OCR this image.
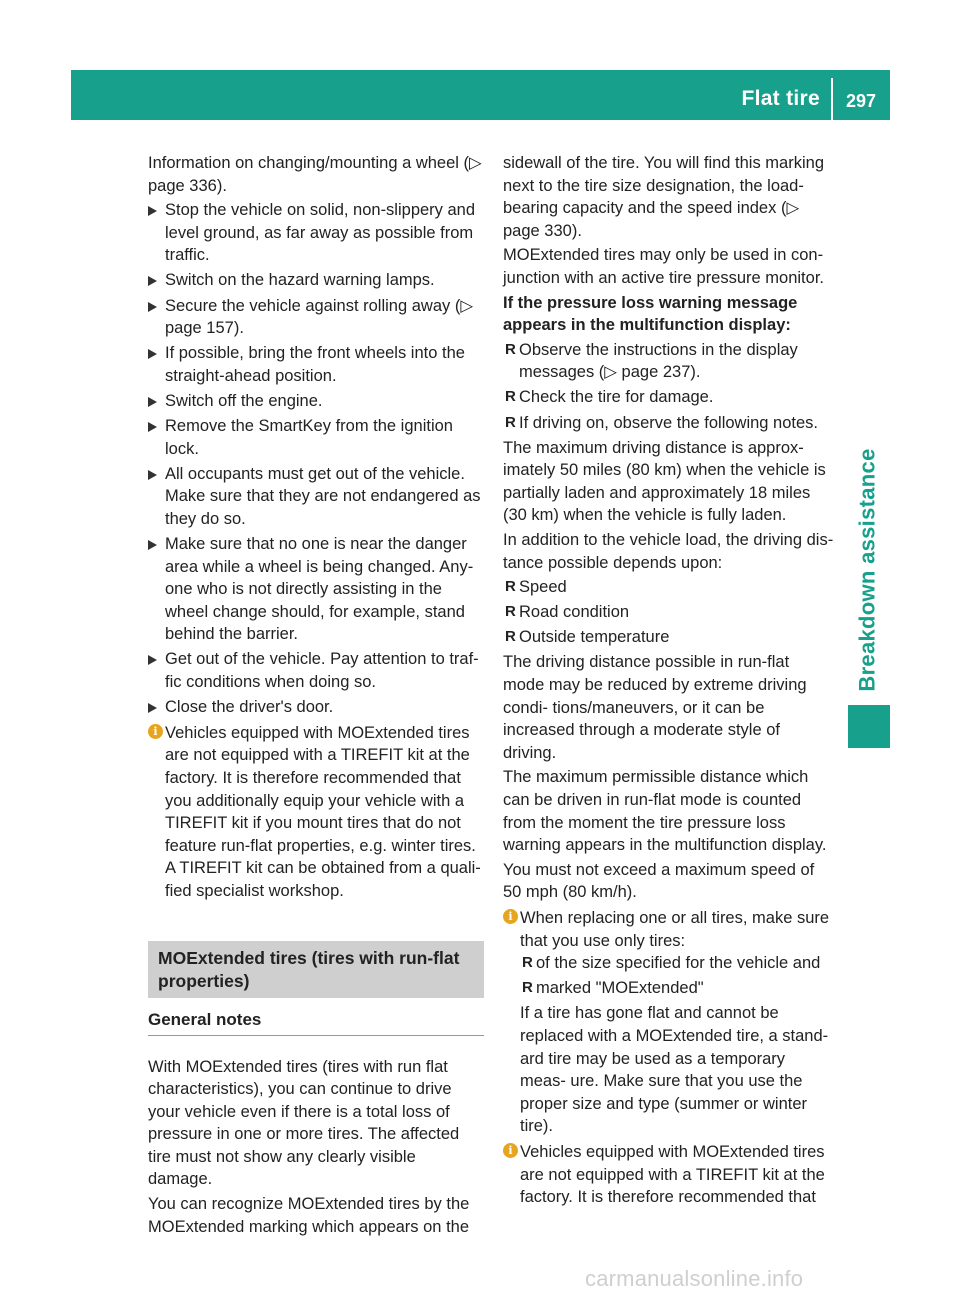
Flat tire	297
Breakdown assistance

Information on changing/mounting a wheel (▷ page 336).

Stop the vehicle on solid, non-slippery and level ground, as far away as possible from traffic.
Switch on the hazard warning lamps.
Secure the vehicle against rolling away (▷ page 157).
If possible, bring the front wheels into the straight-ahead position.
Switch off the engine.
Remove the SmartKey from the ignition lock.
All occupants must get out of the vehicle. Make sure that they are not endangered as they do so.
Make sure that no one is near the danger area while a wheel is being changed. Any- one who is not directly assisting in the wheel change should, for example, stand behind the barrier.
Get out of the vehicle. Pay attention to traf- fic conditions when doing so.
Close the driver's door.
i Vehicles equipped with MOExtended tires are not equipped with a TIREFIT kit at the factory. It is therefore recommended that you additionally equip your vehicle with a TIREFIT kit if you mount tires that do not feature run-flat properties, e.g. winter tires. A TIREFIT kit can be obtained from a quali- fied specialist workshop.
MOExtended tires (tires with run-flat properties)
General notes

With MOExtended tires (tires with run flat characteristics), you can continue to drive your vehicle even if there is a total loss of pressure in one or more tires. The affected tire must not show any clearly visible damage.

You can recognize MOExtended tires by the MOExtended marking which appears on the

sidewall of the tire. You will find this marking next to the tire size designation, the load- bearing capacity and the speed index (▷ page 330).

MOExtended tires may only be used in con- junction with an active tire pressure monitor.

If the pressure loss warning message appears in the multifunction display:

R Observe the instructions in the display messages (▷ page 237).
R Check the tire for damage.
R If driving on, observe the following notes.

The maximum driving distance is approx- imately 50 miles (80 km) when the vehicle is partially laden and approximately 18 miles (30 km) when the vehicle is fully laden.

In addition to the vehicle load, the driving dis- tance possible depends upon:

R Speed
R Road condition
R Outside temperature

The driving distance possible in run-flat mode may be reduced by extreme driving condi- tions/maneuvers, or it can be increased through a moderate style of driving.

The maximum permissible distance which can be driven in run-flat mode is counted from the moment the tire pressure loss warning appears in the multifunction display.

You must not exceed a maximum speed of 50 mph (80 km/h).

i When replacing one or all tires, make sure that you use only tires:
R of the size specified for the vehicle and
R marked "MOExtended"
If a tire has gone flat and cannot be replaced with a MOExtended tire, a stand- ard tire may be used as a temporary meas- ure. Make sure that you use the proper size and type (summer or winter tire).
i Vehicles equipped with MOExtended tires are not equipped with a TIREFIT kit at the factory. It is therefore recommended that
carmanualsonline.info
